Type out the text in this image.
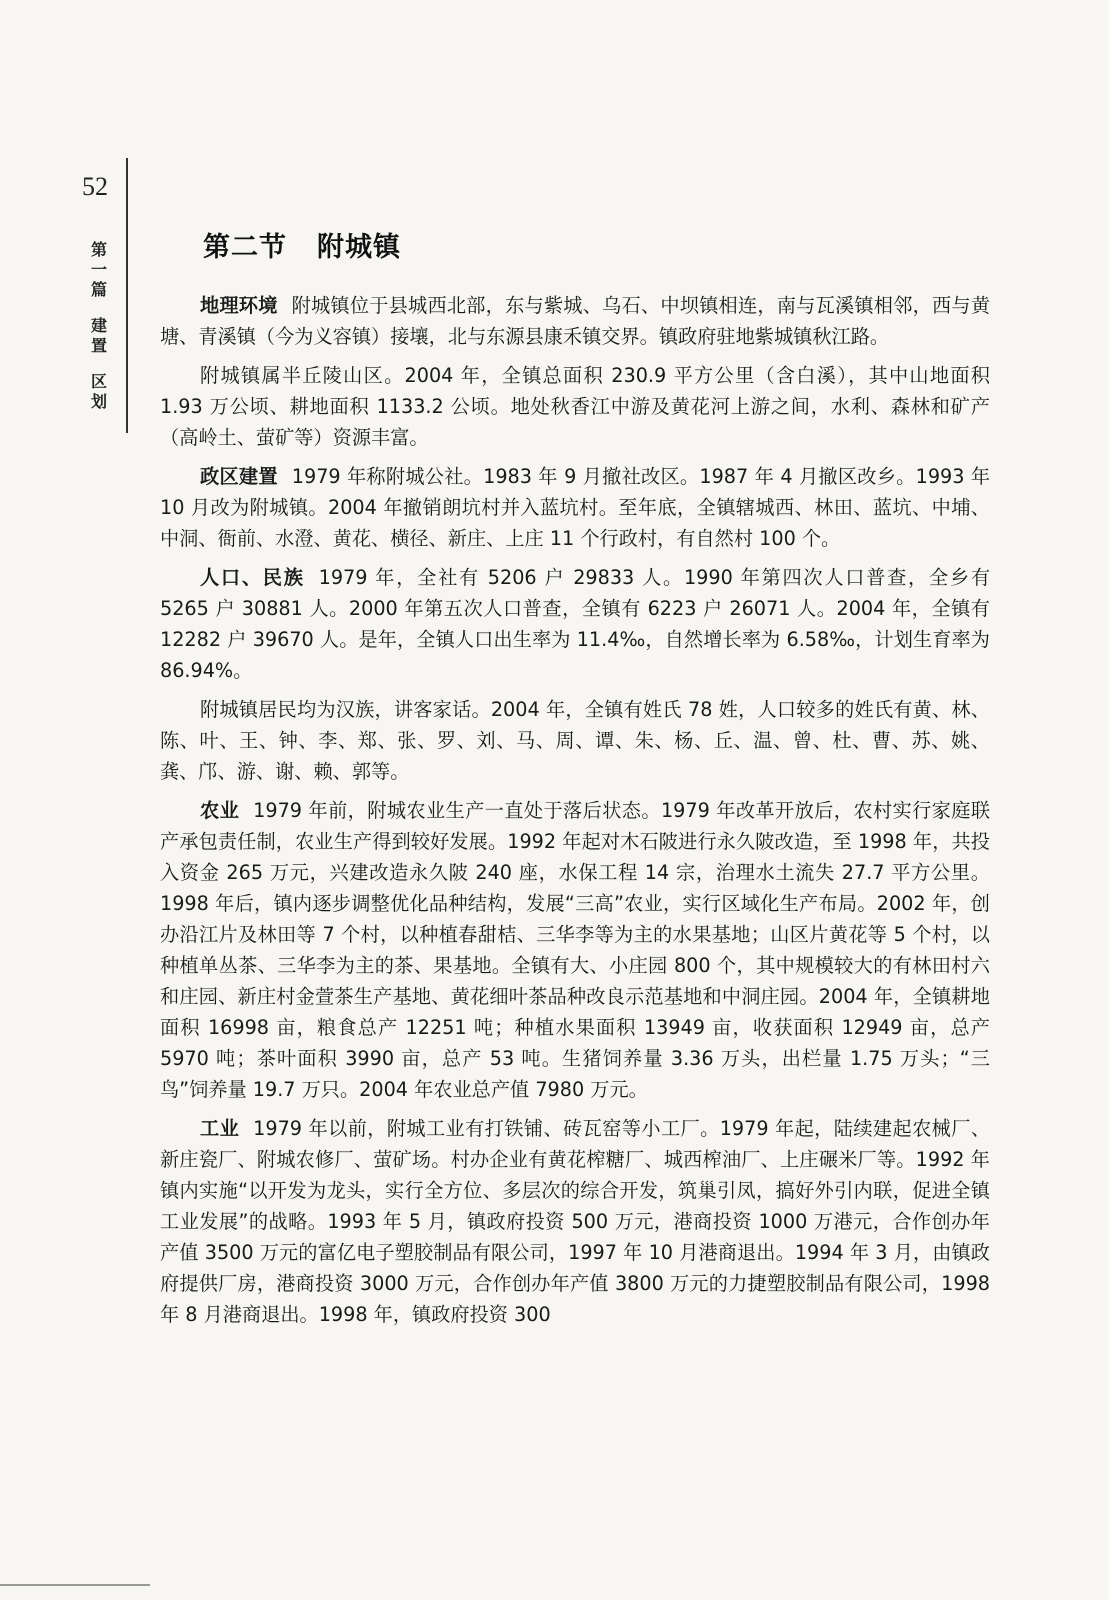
52
第
一
篇
建
置
区
划
第二节 附城镇

地理环境 附城镇位于县城西北部，东与紫城、乌石、中坝镇相连，南与瓦溪镇相邻，西与黄塘、青溪镇（今为义容镇）接壤，北与东源县康禾镇交界。镇政府驻地紫城镇秋江路。

附城镇属半丘陵山区。2004 年，全镇总面积 230.9 平方公里（含白溪），其中山地面积 1.93 万公顷、耕地面积 1133.2 公顷。地处秋香江中游及黄花河上游之间，水利、森林和矿产（高岭土、萤矿等）资源丰富。

政区建置 1979 年称附城公社。1983 年 9 月撤社改区。1987 年 4 月撤区改乡。1993 年 10 月改为附城镇。2004 年撤销朗坑村并入蓝坑村。至年底，全镇辖城西、林田、蓝坑、中埔、中洞、衙前、水澄、黄花、横径、新庄、上庄 11 个行政村，有自然村 100 个。

人口、民族 1979 年，全社有 5206 户 29833 人。1990 年第四次人口普查，全乡有 5265 户 30881 人。2000 年第五次人口普查，全镇有 6223 户 26071 人。2004 年，全镇有 12282 户 39670 人。是年，全镇人口出生率为 11.4‰，自然增长率为 6.58‰，计划生育率为 86.94%。

附城镇居民均为汉族，讲客家话。2004 年，全镇有姓氏 78 姓，人口较多的姓氏有黄、林、陈、叶、王、钟、李、郑、张、罗、刘、马、周、谭、朱、杨、丘、温、曾、杜、曹、苏、姚、龚、邝、游、谢、赖、郭等。

农业 1979 年前，附城农业生产一直处于落后状态。1979 年改革开放后，农村实行家庭联产承包责任制，农业生产得到较好发展。1992 年起对木石陂进行永久陂改造，至 1998 年，共投入资金 265 万元，兴建改造永久陂 240 座，水保工程 14 宗，治理水土流失 27.7 平方公里。1998 年后，镇内逐步调整优化品种结构，发展“三高”农业，实行区域化生产布局。2002 年，创办沿江片及林田等 7 个村，以种植春甜桔、三华李等为主的水果基地；山区片黄花等 5 个村，以种植单丛茶、三华李为主的茶、果基地。全镇有大、小庄园 800 个，其中规模较大的有林田村六和庄园、新庄村金萱茶生产基地、黄花细叶茶品种改良示范基地和中洞庄园。2004 年，全镇耕地面积 16998 亩，粮食总产 12251 吨；种植水果面积 13949 亩，收获面积 12949 亩，总产 5970 吨；茶叶面积 3990 亩，总产 53 吨。生猪饲养量 3.36 万头，出栏量 1.75 万头；“三鸟”饲养量 19.7 万只。2004 年农业总产值 7980 万元。

工业 1979 年以前，附城工业有打铁铺、砖瓦窑等小工厂。1979 年起，陆续建起农械厂、新庄瓷厂、附城农修厂、萤矿场。村办企业有黄花榨糖厂、城西榨油厂、上庄碾米厂等。1992 年镇内实施“以开发为龙头，实行全方位、多层次的综合开发，筑巢引凤，搞好外引内联，促进全镇工业发展”的战略。1993 年 5 月，镇政府投资 500 万元，港商投资 1000 万港元，合作创办年产值 3500 万元的富亿电子塑胶制品有限公司，1997 年 10 月港商退出。1994 年 3 月，由镇政府提供厂房，港商投资 3000 万元，合作创办年产值 3800 万元的力捷塑胶制品有限公司，1998 年 8 月港商退出。1998 年，镇政府投资 300
